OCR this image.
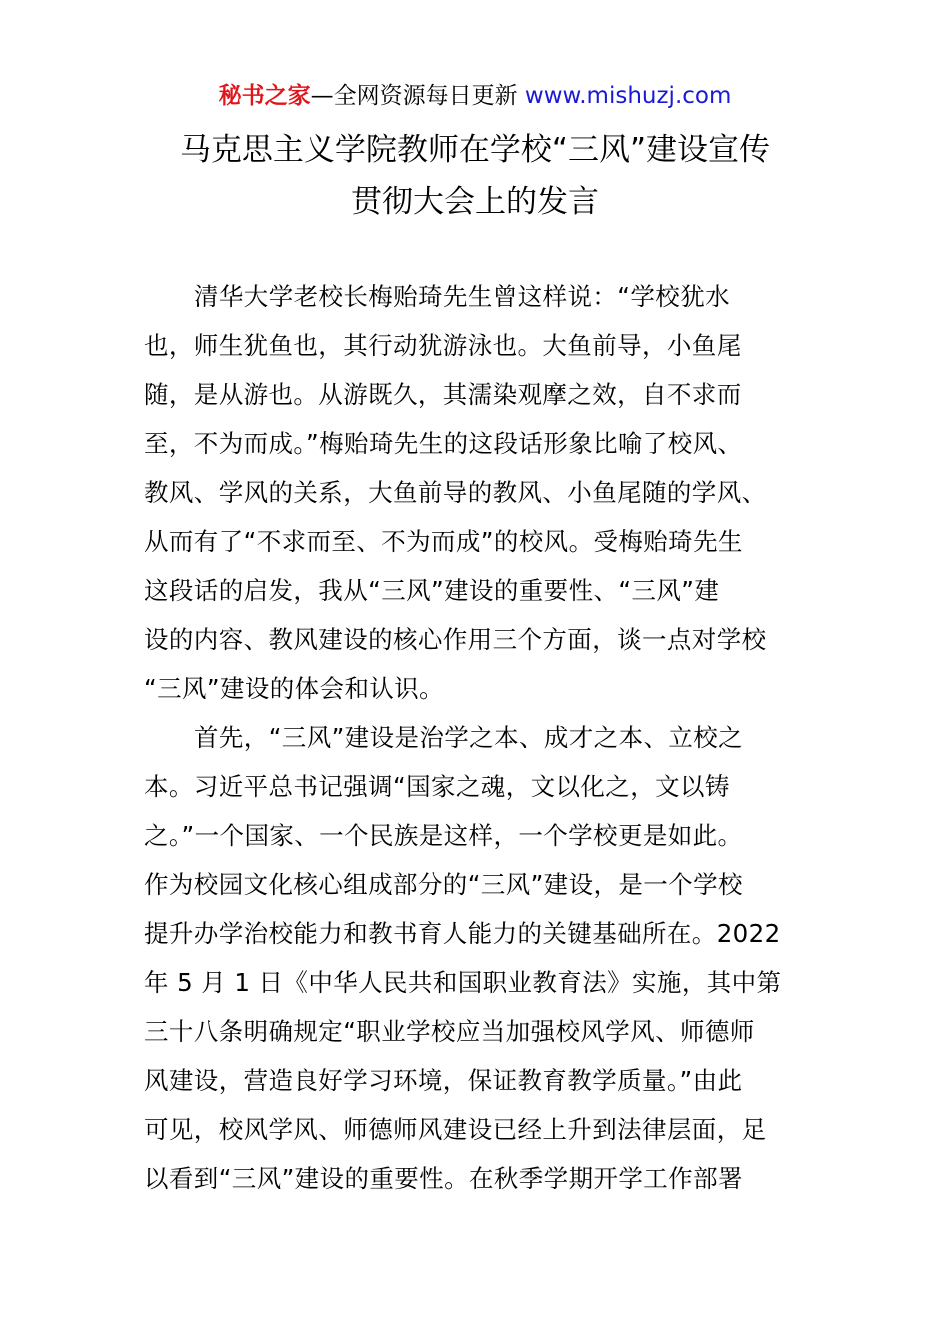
秘书之家—全网资源每日更新 www.mishuzj.com
马克思主义学院教师在学校“三风”建设宣传
贯彻大会上的发言
清华大学老校长梅贻琦先生曾这样说：“学校犹水
也，师生犹鱼也，其行动犹游泳也。大鱼前导，小鱼尾
随，是从游也。从游既久，其濡染观摩之效，自不求而
至，不为而成。”梅贻琦先生的这段话形象比喻了校风、
教风、学风的关系，大鱼前导的教风、小鱼尾随的学风、
从而有了“不求而至、不为而成”的校风。受梅贻琦先生
这段话的启发，我从“三风”建设的重要性、“三风”建
设的内容、教风建设的核心作用三个方面，谈一点对学校
“三风”建设的体会和认识。
首先，“三风”建设是治学之本、成才之本、立校之
本。习近平总书记强调“国家之魂，文以化之，文以铸
之。”一个国家、一个民族是这样，一个学校更是如此。
作为校园文化核心组成部分的“三风”建设，是一个学校
提升办学治校能力和教书育人能力的关键基础所在。2022
年 5 月 1 日《中华人民共和国职业教育法》实施，其中第
三十八条明确规定“职业学校应当加强校风学风、师德师
风建设，营造良好学习环境，保证教育教学质量。”由此
可见，校风学风、师德师风建设已经上升到法律层面，足
以看到“三风”建设的重要性。在秋季学期开学工作部署
